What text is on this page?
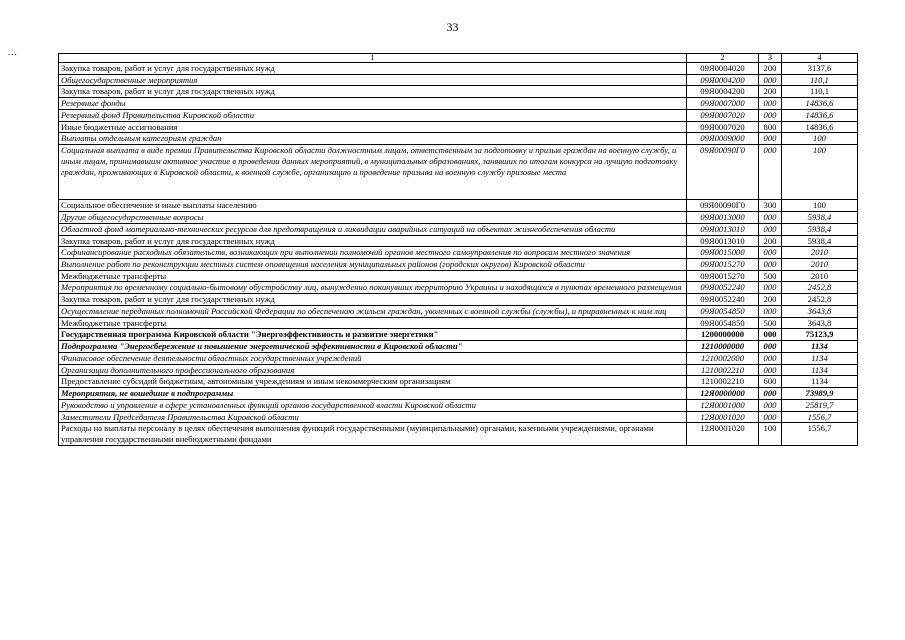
33
...
1	2	3	4
Закупка товаров, работ и услуг для государственных нужд	09Я0004020	200	3137,6
Общегосударственные мероприятия	09Я0004200	000	110,1
Закупка товаров, работ и услуг для государственных нужд	09Я0004200	200	110,1
Резервные фонды	09Я0007000	000	14836,6
Резервный фонд Правительства Кировской области	09Я0007020	000	14836,6
Иные бюджетные ассигнования	09Я0007020	800	14836,6
Выплаты отдельным категориям граждан	09Я0009000	000	100
Социальная выплата в виде премии Правительства Кировской области должностным лицам, ответственным за подготовку и призыв граждан на военную службу, и иным лицам, принимавшим активное участие в проведении данных мероприятий, в муниципальных образованиях, занявших по итогам конкурса на лучшую подготовку граждан, проживающих в Кировской области, к военной службе, организацию и проведение призыва на военную службу призовые места	09Я00090Г0	000	100
Социальное обеспечение и иные выплаты населению	09Я00090Г0	300	100
Другие общегосударственные вопросы	09Я0013000	000	5938,4
Областной фонд материально-технических ресурсов для предотвращения и ликвидации аварийных ситуаций на объектах жизнеобеспечения области	09Я0013010	000	5938,4
Закупка товаров, работ и услуг для государственных нужд	09Я0013010	200	5938,4
Софинансирование расходных обязательств, возникающих при выполнении полномочий органов местного самоуправления по вопросам местного значения	09Я0015000	000	2010
Выполнение работ по реконструкции местных систем оповещения населения муниципальных районов (городских округов) Кировской области	09Я0015270	000	2010
Межбюджетные трансферты	09Я0015270	500	2010
Мероприятия по временному социально-бытовому обустройству лиц, вынужденно покинувших территорию Украины и находящихся в пунктах временного размещения	09Я0052240	000	2452,8
Закупка товаров, работ и услуг для государственных нужд	09Я0052240	200	2452,8
Осуществление переданных полномочий Российской Федерации по обеспечению жильем граждан, уволенных с военной службы (службы), и приравненных к ним лиц	09Я0054850	000	3643,8
Межбюджетные трансферты	09Я0054850	500	3643,8
Государственная программа Кировской области "Энергоэффективность и развитие энергетики"	1200000000	000	75123,9
Подпрограмма "Энергосбережение и повышение энергетической эффективности в Кировской области"	1210000000	000	1134
Финансовое обеспечение деятельности областных государственных учреждений	1210002000	000	1134
Организации дополнительного профессионального образования	1210002210	000	1134
Предоставление субсидий бюджетным, автономным учреждениям и иным некоммерческим организациям	1210002210	600	1134
Мероприятия, не вошедшие в подпрограммы	12Я0000000	000	73989,9
Руководство и управление в сфере установленных функций органов государственной власти Кировской области	12Я0001000	000	25819,7
Заместители Председателя Правительства Кировской области	12Я0001020	000	1556,7
Расходы на выплаты персоналу в целях обеспечения выполнения функций государственными (муниципальными) органами, казенными учреждениями, органами управления государственными внебюджетными фондами	12Я0001020	100	1556,7
